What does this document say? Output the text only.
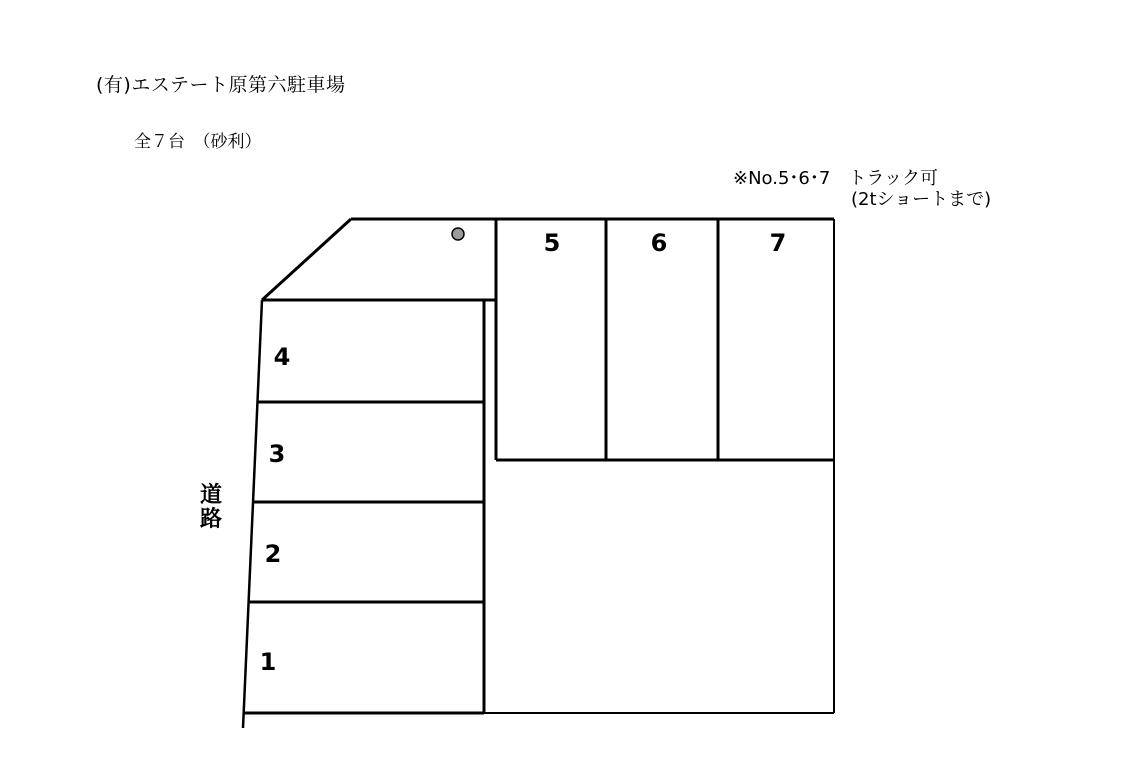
(有)エステート原第六駐車場
全７台　（砂利）
※No.5･6･7　トラック可
(2tショートまで)
道路
1
2
3
4
5	6	7
